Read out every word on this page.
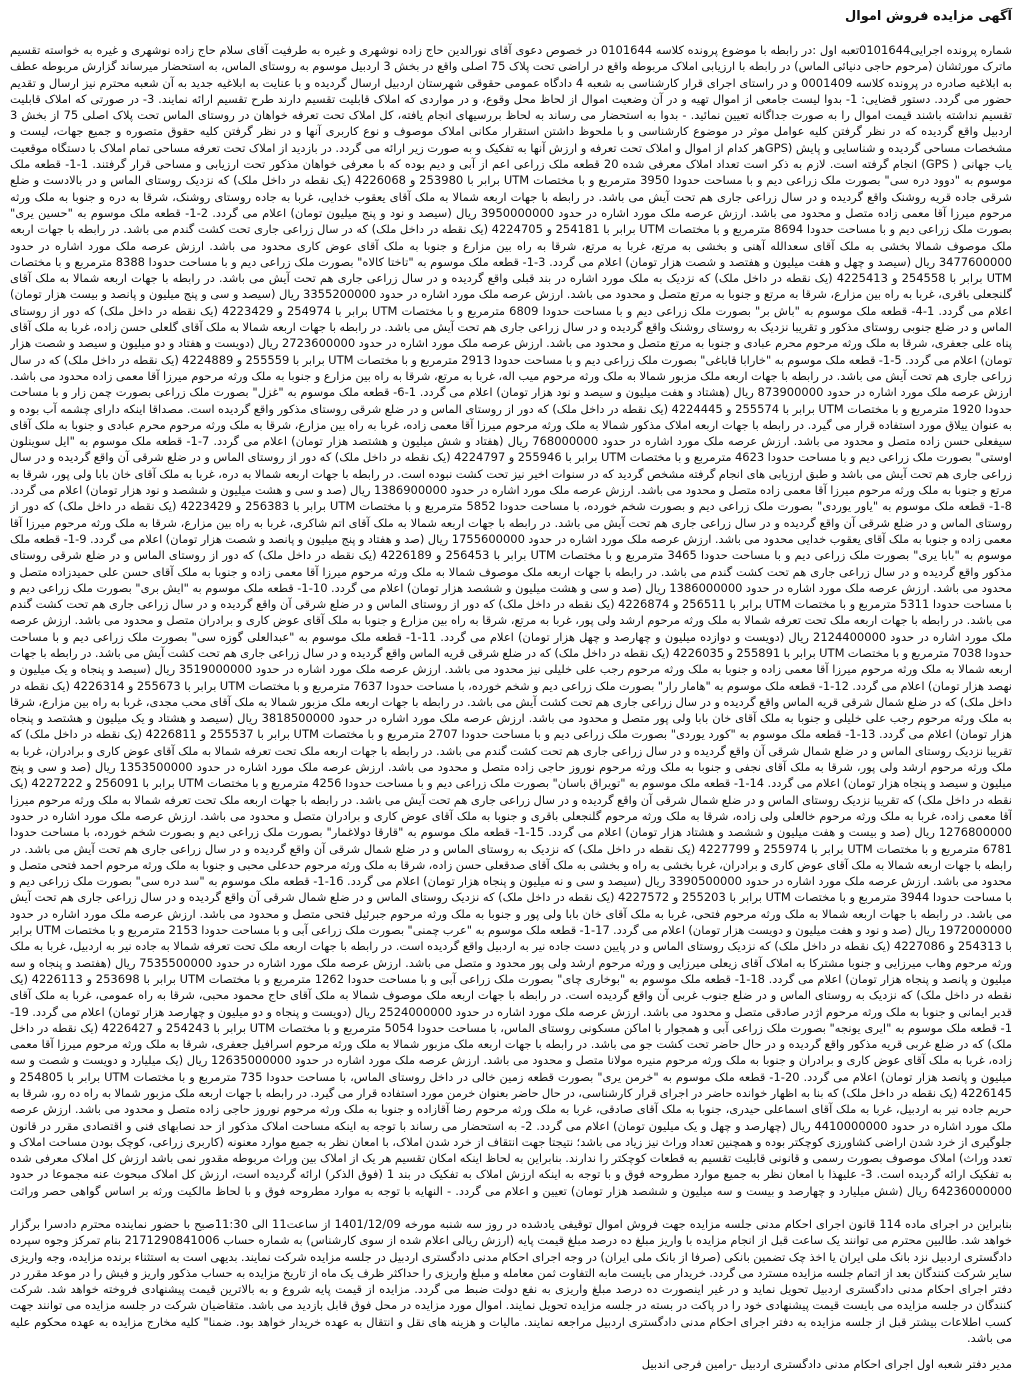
آگهی مزایده فروش اموال

شماره پرونده اجرایی0101644تعبه اول :در رابطه با موضوع پرونده کلاسه 0101644 در خصوص دعوی آقای نورالدین حاج زاده نوشهری و غیره به طرفیت آقای سلام حاج زاده نوشهری و غیره به خواسته تقسیم ماترک مورثشان (مرحوم حاجی دنیائی الماس) در رابطه با ارزیابی املاک مربوطه واقع در اراضی تحت پلاک 75 اصلی واقع در بخش 3 اردبیل موسوم به روستای الماس، به استحضار میرساند گزارش مربوطه عطف به ابلاغیه صادره در پرونده کلاسه 0001409 و در راستای اجرای قرار کارشناسی به شعبه 4 دادگاه عمومی حقوقی شهرستان اردبیل ارسال گردیده و با عنایت به ابلاغیه جدید به آن شعبه محترم نیز ارسال و تقدیم حضور می گردد. دستور قضایی: 1- بدوا لیست جامعی از اموال تهیه و در آن وضعیت اموال از لحاظ محل وقوع، و در مواردی که املاک قابلیت تقسیم دارند طرح تقسیم ارائه نمایند. 3- در صورتی که املاک قابلیت تقسیم نداشته باشند قیمت اموال را به صورت جداگانه تعیین نمائید. - بدوا به استحضار می رساند به لحاظ بررسیهای انجام یافته، کل املاک تحت تعرفه خواهان در روستای الماس تحت پلاک اصلی 75 از بخش 3 اردبیل واقع گردیده که در نظر گرفتن کلیه عوامل موثر در موضوع کارشناسی و با ملحوظ داشتن استقرار مکانی املاک موصوف و نوع کاربری آنها و در نظر گرفتن کلیه حقوق متصوره و جمیع جهات، لیست و مشخصات مساحی گردیده و شناسایی و پایش (GPSهر کدام از اموال و املاک تحت تعرفه و ارزش آنها به تفکیک و به صورت زیر ارائه می گردد. در بازدید از املاک تحت تعرفه مساحی تمام املاک با دستگاه موقعیت یاب جهانی ( GPS) انجام گرفته است. لازم به ذکر است تعداد املاک معرفی شده 20 قطعه ملک زراعی اعم از آبی و دیم بوده که با معرفی خواهان مذکور تحت ارزیابی و مساحی قرار گرفتند. 1-1- قطعه ملک موسوم به "دوود دره سی" بصورت ملک زراعی دیم و با مساحت حدودا 3950 مترمربع و با مختصات UTM برابر با 253980 و 4226068 (یک نقطه در داخل ملک) که نزدیک روستای الماس و در بالادست و ضلع شرقی جاده قریه روشنک واقع گردیده و در سال زراعی جاری هم تحت آیش می باشد. در رابطه با جهات اربعه شمالا به ملک آقای یعقوب خدایی، غربا به جاده روستای روشنک، شرقا به دره و جنوبا به ملک ورثه مرحوم میرزا آقا معمی زاده متصل و محدود می باشد. ارزش عرصه ملک مورد اشاره در حدود 3950000000 ریال (سیصد و نود و پنج میلیون تومان) اعلام می گردد. 2-1- قطعه ملک موسوم به "حسین یری" بصورت ملک زراعی دیم و با مساحت حدودا 8694 مترمربع و با مختصات UTM برابر با 254181 و 4224705 (یک نقطه در داخل ملک) که در سال زراعی جاری تحت کشت گندم می باشد. در رابطه با جهات اربعه ملک موصوف شمالا بخشی به ملک آقای سعدالله آهنی و بخشی به مرتع، غربا به مرتع، شرقا به راه بین مزارع و جنوبا به ملک آقای عوض کاری محدود می باشد. ارزش عرصه ملک مورد اشاره در حدود 3477600000 ریال (سیصد و چهل و هفت میلیون و هفتصد و شصت هزار تومان) اعلام می گردد. 3-1- قطعه ملک موسوم به "تاختا کالاه" بصورت ملک زراعی دیم و با مساحت حدودا 8388 مترمربع و با مختصات UTM برابر با 254558 و 4225413 (یک نقطه در داخل ملک) که نزدیک به ملک مورد اشاره در بند قبلی واقع گردیده و در سال زراعی جاری هم تحت آیش می باشد. در رابطه با جهات اربعه شمالا به ملک آقای گلنجعلی باقری، غربا به راه بین مزارع، شرقا به مرتع و جنوبا به مرتع متصل و محدود می باشد. ارزش عرصه ملک مورد اشاره در حدود 3355200000 ریال (سیصد و سی و پنج میلیون و پانصد و بیست هزار تومان) اعلام می گردد. 1-4- قطعه ملک موسوم به "باش بر" بصورت ملک زراعی دیم و با مساحت حدودا 6809 مترمربع و با مختصات UTM برابر با 254974 و 4223429 (یک نقطه در داخل ملک) که دور از روستای الماس و در ضلع جنوبی روستای مذکور و تقریبا نزدیک به روستای روشنک واقع گردیده و در سال زراعی جاری هم تحت آیش می باشد. در رابطه با جهات اربعه شمالا به ملک آقای گلعلی حسن زاده، غربا به ملک آقای پناه علی جعفری، شرقا به ملک ورثه مرحوم محرم عبادی و جنوبا به مرتع متصل و محدود می باشد. ارزش عرصه ملک مورد اشاره در حدود 2723600000 ریال (دویست و هفتاد و دو میلیون و سیصد و شصت هزار تومان) اعلام می گردد. 5-1- قطعه ملک موسوم به "خارابا قاباغی" بصورت ملک زراعی دیم و با مساحت حدودا 2913 مترمربع و با مختصات UTM برابر با 255559 و 4224889 (یک نقطه در داخل ملک) که در سال زراعی جاری هم تحت آیش می باشد. در رابطه با جهات اربعه ملک مزبور شمالا به ملک ورثه مرحوم میب اله، غربا به مرتع، شرقا به راه بین مزارع و جنوبا به ملک ورثه مرحوم میرزا آقا معمی زاده محدود می باشد. ارزش عرصه ملک مورد اشاره در حدود 873900000 ریال (هشتاد و هفت میلیون و سیصد و نود هزار تومان) اعلام می گردد. 1-6- قطعه ملک موسوم به "غزل" بصورت ملک زراعی بصورت چمن زار و با مساحت حدودا 1920 مترمربع و با مختصات UTM برابر با 255574 و 4224445 (یک نقطه در داخل ملک) که دور از روستای الماس و در ضلع شرقی روستای مذکور واقع گردیده است. مصداقا اینکه دارای چشمه آب بوده و به عنوان ییلاق مورد استفاده قرار می گیرد. در رابطه با جهات اربعه املاک مذکور شمالا به ملک ورثه مرحوم میرزا آقا معمی زاده، غربا به راه بین مزارع، شرقا به ملک ورثه مرحوم محرم عبادی و جنوبا به ملک آقای سیفعلی حسن زاده متصل و محدود می باشد. ارزش عرصه ملک مورد اشاره در حدود 768000000 ریال (هفتاد و شش میلیون و هشتصد هزار تومان) اعلام می گردد. 7-1- قطعه ملک موسوم به "ایل سوینلون اوستی" بصورت ملک زراعی دیم و با مساحت حدودا 4623 مترمربع و با مختصات UTM برابر با 255946 و 4224797 (یک نقطه در داخل ملک) که دور از روستای الماس و در ضلع شرقی آن واقع گردیده و در سال زراعی جاری هم تحت آیش می باشد و طبق ارزیابی های انجام گرفته مشخص گردید که در سنوات اخیر نیز تحت کشت نبوده است. در رابطه با جهات اربعه شمالا به دره، غربا به ملک آقای خان بابا ولی پور، شرقا به مرتع و جنوبا به ملک ورثه مرحوم میرزا آقا معمی زاده متصل و محدود می باشد. ارزش عرصه ملک مورد اشاره در حدود 1386900000 ریال (صد و سی و هشت میلیون و ششصد و نود هزار تومان) اعلام می گردد. 8-1- قطعه ملک موسوم به "یاور یوردی" بصورت ملک زراعی دیم و بصورت شخم خورده، با مساحت حدودا 5852 مترمربع و با مختصات UTM برابر با 256383 و 4223429 (یک نقطه در داخل ملک) که دور از روستای الماس و در ضلع شرقی آن واقع گردیده و در سال زراعی جاری هم تحت آیش می باشد. در رابطه با جهات اربعه شمالا به ملک آقای اتم شاکری، غربا به راه بین مزارع، شرقا به ملک ورثه مرحوم میرزا آقا معمی زاده و جنوبا به ملک آقای یعقوب خدایی محدود می باشد. ارزش عرصه ملک مورد اشاره در حدود 1755600000 ریال (صد و هفتاد و پنج میلیون و پانصد و شصت هزار تومان) اعلام می گردد. 9-1- قطعه ملک موسوم به "بابا یری" بصورت ملک زراعی دیم و با مساحت حدودا 3465 مترمربع و با مختصات UTM برابر با 256453 و 4226189 (یک نقطه در داخل ملک) که دور از روستای الماس و در ضلع شرقی روستای مذکور واقع گردیده و در سال زراعی جاری هم تحت کشت گندم می باشد. در رابطه با جهات اربعه ملک موصوف شمالا به ملک ورثه مرحوم میرزا آقا معمی زاده و جنوبا به ملک آقای حسن علی حمیدزاده متصل و محدود می باشد. ارزش عرصه ملک مورد اشاره در حدود 1386000000 ریال (صد و سی و هشت میلیون و ششصد هزار تومان) اعلام می گردد. 10-1- قطعه ملک موسوم به "ایش بری" بصورت ملک زراعی دیم و با مساحت حدودا 5311 مترمربع و با مختصات UTM برابر با 256511 و 4226874 (یک نقطه در داخل ملک) که دور از روستای الماس و در ضلع شرقی آن واقع گردیده و در سال زراعی جاری هم تحت کشت گندم می باشد. در رابطه با جهات اربعه ملک تحت تعرفه شمالا به ملک ورثه مرحوم ارشد ولی پور، غربا به مرتع، شرقا به راه بین مزارع و جنوبا به ملک آقای عوض کاری و برادران متصل و محدود می باشد. ارزش عرصه ملک مورد اشاره در حدود 2124400000 ریال (دویست و دوازده میلیون و چهارصد و چهل هزار تومان) اعلام می گردد. 11-1- قطعه ملک موسوم به "عبدالعلی گوزه سی" بصورت ملک زراعی دیم و با مساحت حدودا 7038 مترمربع و با مختصات UTM برابر با 255891 و 4226035 (یک نقطه در داخل ملک) که در ضلع شرقی قریه الماس واقع گردیده و در سال زراعی جاری هم تحت کشت آیش می باشد. در رابطه با جهات اربعه شمالا به ملک ورثه مرحوم میرزا آقا معمی زاده و جنوبا به ملک ورثه مرحوم رجب علی خلیلی نیز محدود می باشد. ارزش عرصه ملک مورد اشاره در حدود 3519000000 ریال (سیصد و پنجاه و یک میلیون و نهصد هزار تومان) اعلام می گردد. 12-1- قطعه ملک موسوم به "هامار رار" بصورت ملک زراعی دیم و شخم خورده، با مساحت حدودا 7637 مترمربع و با مختصات UTM برابر با 255673 و 4226314 (یک نقطه در داخل ملک) که در ضلع شمال شرقی قریه الماس واقع گردیده و در سال زراعی جاری هم تحت کشت آیش می باشد. در رابطه با جهات اربعه ملک مزبور شمالا به ملک آقای محب مجدی، غربا به راه بین مزارع، شرقا به ملک ورثه مرحوم رجب علی خلیلی و جنوبا به ملک آقای خان بابا ولی پور متصل و محدود می باشد. ارزش عرصه ملک مورد اشاره در حدود 3818500000 ریال (سیصد و هشتاد و یک میلیون و هشتصد و پنجاه هزار تومان) اعلام می گردد. 13-1- قطعه ملک موسوم به "کورد یوردی" بصورت ملک زراعی دیم و با مساحت حدودا 2707 مترمربع و با مختصات UTM برابر با 255537 و 4226811 (یک نقطه در داخل ملک) که تقریبا نزدیک روستای الماس و در ضلع شمال شرقی آن واقع گردیده و در سال زراعی جاری هم تحت کشت گندم می باشد. در رابطه با جهات اربعه ملک تحت تعرفه شمالا به ملک آقای عوض کاری و برادران، غربا به ملک ورثه مرحوم ارشد ولی پور، شرقا به ملک آقای نجفی و جنوبا به ملک ورثه مرحوم نوروز حاجی زاده متصل و محدود می باشد. ارزش عرصه ملک مورد اشاره در حدود 1353500000 ریال (صد و سی و پنج میلیون و سیصد و پنجاه هزار تومان) اعلام می گردد. 14-1- قطعه ملک موسوم به "تویراق باسان" بصورت ملک زراعی دیم و با مساحت حدودا 4256 مترمربع و با مختصات UTM برابر با 256091 و 4227222 (یک نقطه در داخل ملک) که تقریبا نزدیک روستای الماس و در ضلع شمال شرقی آن واقع گردیده و در سال زراعی جاری هم تحت آیش می باشد. در رابطه با جهات اربعه ملک تحت تعرفه شمالا به ملک ورثه مرحوم میرزا آقا معمی زاده، غربا به ملک ورثه مرحوم خالعلی ولی زاده، شرقا به ملک ورثه مرحوم گلنجعلی باقری و جنوبا به ملک آقای عوض کاری و برادران متصل و محدود می باشد. ارزش عرصه ملک مورد اشاره در حدود 1276800000 ریال (صد و بیست و هفت میلیون و ششصد و هشتاد هزار تومان) اعلام می گردد. 15-1- قطعه ملک موسوم به "قارقا دولاغمار" بصورت ملک زراعی دیم و بصورت شخم خورده، با مساحت حدودا 6781 مترمربع و با مختصات UTM برابر با 255974 و 4227799 (یک نقطه در داخل ملک) که نزدیک به روستای الماس و در ضلع شمال شرقی آن واقع گردیده و در سال زراعی جاری هم تحت آیش می باشد. در رابطه با جهات اربعه شمالا به ملک آقای عوض کاری و برادران، غربا بخشی به راه و بخشی به ملک آقای صدقعلی حسن زاده، شرقا به ملک ورثه مرحوم حدعلی محبی و جنوبا به ملک ورثه مرحوم احمد فتحی متصل و محدود می باشد. ارزش عرصه ملک مورد اشاره در حدود 3390500000 ریال (سیصد و سی و نه میلیون و پنجاه هزار تومان) اعلام می گردد. 16-1- قطعه ملک موسوم به "سد دره سی" بصورت ملک زراعی دیم و با مساحت حدودا 3944 مترمربع و با مختصات UTM برابر با 255203 و 4227572 (یک نقطه در داخل ملک) که نزدیک روستای الماس و در ضلع شمال شرقی آن واقع گردیده و در سال زراعی جاری هم تحت آیش می باشد. در رابطه با جهات اربعه شمالا به ملک ورثه مرحوم فتحی، غربا به ملک آقای خان بابا ولی پور و جنوبا به ملک ورثه مرحوم جبرئیل فتحی متصل و محدود می باشد. ارزش عرصه ملک مورد اشاره در حدود 1972000000 ریال (صد و نود و هفت میلیون و دویست هزار تومان) اعلام می گردد. 17-1- قطعه ملک موسوم به "عرب چمنی" بصورت ملک زراعی آبی و با مساحت حدودا 2153 مترمربع و با مختصات UTM برابر با 254313 و 4227086 (یک نقطه در داخل ملک) که نزدیک روستای الماس و در پایین دست جاده نیر به اردبیل واقع گردیده است. در رابطه با جهات اربعه ملک تحت تعرفه شمالا به جاده نیر به اردبیل، غربا به ملک ورثه مرحوم وهاب میرزایی و جنوبا مشترکا به املاک آقای زیعلی میرزایی و ورثه مرحوم ارشد ولی پور محدود و متصل می باشد. ارزش عرصه ملک مورد اشاره در حدود 7535500000 ریال (هفتصد و پنجاه و سه میلیون و پانصد و پنجاه هزار تومان) اعلام می گردد. 18-1- قطعه ملک موسوم به "بوخاری چای" بصورت ملک زراعی آبی و با مساحت حدودا 1262 مترمربع و با مختصات UTM برابر با 253698 و 4226113 (یک نقطه در داخل ملک) که نزدیک به روستای الماس و در ضلع جنوب غربی آن واقع گردیده است. در رابطه با جهات اربعه ملک موصوف شمالا به ملک آقای حاج محمود محبی، شرقا به راه عمومی، غربا به ملک آقای قدیر ایمانی و جنوبا به ملک ورثه مرحوم اژدر صادقی متصل و محدود می باشد. ارزش عرصه ملک مورد اشاره در حدود 2524000000 ریال (دویست و پنجاه و دو میلیون و چهارصد هزار تومان) اعلام می گردد. 19-1- قطعه ملک موسوم به "ایری یونجه" بصورت ملک زراعی آبی و همجوار با اماکن مسکونی روستای الماس، با مساحت حدودا 5054 مترمربع و با مختصات UTM برابر با 254243 و 4226427 (یک نقطه در داخل ملک) که در ضلع غربی قریه مذکور واقع گردیده و در حال حاضر تحت کشت جو می باشد. در رابطه با جهات اربعه ملک مزبور شمالا به ملک ورثه مرحوم اسرافیل جعفری، شرقا به ملک ورثه مرحوم میرزا آقا معمی زاده، غربا به ملک آقای عوض کاری و برادران و جنوبا به ملک ورثه مرحوم منیره مولانا متصل و محدود می باشد. ارزش عرصه ملک مورد اشاره در حدود 12635000000 ریال (یک میلیارد و دویست و شصت و سه میلیون و پانصد هزار تومان) اعلام می گردد. 20-1- قطعه ملک موسوم به "خرمن یری" بصورت قطعه زمین خالی در داخل روستای الماس، با مساحت حدودا 735 مترمربع و با مختصات UTM برابر با 254805 و 4226145 (یک نقطه در داخل ملک) که بنا به اظهار خوانده حاضر در اجرای قرار کارشناسی، در حال حاضر بعنوان خرمن مورد استفاده قرار می گیرد. در رابطه با جهات اربعه ملک مزبور شمالا به راه ده رو، شرقا به حریم جاده نیر به اردبیل، غربا به ملک آقای اسماعلی حیدری، جنوبا به ملک آقای صادقی، غربا به ملک ورثه مرحوم رضا آقازاده و جنوبا به ملک ورثه مرحوم نوروز حاجی زاده متصل و محدود می باشد. ارزش عرصه ملک مورد اشاره در حدود 4410000000 ریال (چهارصد و چهل و یک میلیون تومان) اعلام می گردد. 2- به استحضار می رساند با توجه به اینکه مساحت املاک مذکور از حد نصابهای فنی و اقتصادی مقرر در قانون جلوگیری از خرد شدن اراضی کشاورزی کوچکتر بوده و همچنین تعداد وراث نیز زیاد می باشد؛ نتیجتا جهت انتقاف از خرد شدن املاک، با امعان نظر به جمیع موارد معنونه (کاربری زراعی، کوچک بودن مساحت املاک و تعدد وراث) املاک موصوف بصورت رسمی و قانونی قابلیت تقسیم به قطعات کوچکتر را ندارند. بنابراین به لحاظ اینکه امکان تقسیم هر یک از املاک بین وراث مربوطه مقدور نمی باشد ارزش کل املاک معرفی شده به تفکیک ارائه گردیده است. 3- علیهذا با امعان نظر به جمیع موارد مطروحه فوق و با توجه به اینکه ارزش املاک به تفکیک در بند 1 (فوق الذکر) ارائه گردیده است، ارزش کل املاک مبحوث عنه مجموعا در حدود 64236000000 ریال (شش میلیارد و چهارصد و بیست و سه میلیون و ششصد هزار تومان) تعیین و اعلام می گردد. - النهایه با توجه به موارد مطروحه فوق و با لحاظ مالکیت ورثه بر اساس گواهی حصر وراثت

بنابراین در اجرای ماده 114 قانون اجرای احکام مدنی جلسه مزایده جهت فروش اموال توقیفی یادشده در روز سه شنبه مورخه 1401/12/09 از ساعت11 الی 11:30صبح با حضور نماینده محترم دادسرا برگزار خواهد شد. طالبین محترم می توانند یک ساعت قبل از انجام مزایده با واریز مبلغ ده درصد مبلغ قیمت پایه (ارزش ریالی اعلام شده از سوی کارشناس) به شماره حساب 2171290841006 بنام تمرکز وجوه سپرده دادگستری اردبیل نزد بانک ملی ایران یا اخذ چک تضمین بانکی (صرفا از بانک ملی ایران) در وجه اجرای احکام مدنی دادگستری اردبیل در جلسه مزایده شرکت نمایند. بدیهی است به استثناء برنده مزایده، وجه واریزی سایر شرکت کنندگان بعد از اتمام جلسه مزایده مسترد می گردد. خریدار می بایست مابه التفاوت ثمن معامله و مبلغ واریزی را حداکثر ظرف یک ماه از تاریخ مزایده به حساب مذکور واریز و فیش را در موعد مقرر در دفتر اجرای احکام مدنی دادگستری اردبیل تحویل نماید و در غیر اینصورت ده درصد مبلغ واریزی به نفع دولت ضبط می گردد. مزایده از قیمت پایه شروع و به بالاترین قیمت پیشنهادی فروخته خواهد شد. شرکت کنندگان در جلسه مزایده می بایست قیمت پیشنهادی خود را در پاکت در بسته در جلسه مزایده تحویل نمایند. اموال مورد مزایده در محل فوق قابل بازدید می باشد. متقاضیان شرکت در جلسه مزایده می توانند جهت کسب اطلاعات بیشتر قبل از جلسه مزایده به دفتر اجرای احکام مدنی دادگستری اردبیل مراجعه نمایند. مالیات و هزینه های نقل و انتقال به عهده خریدار خواهد بود. ضمنا" کلیه مخارج مزایده به عهده محکوم علیه می باشد.

مدیر دفتر شعبه اول اجرای احکام مدنی دادگستری اردبیل -رامین فرجی اندبیل
